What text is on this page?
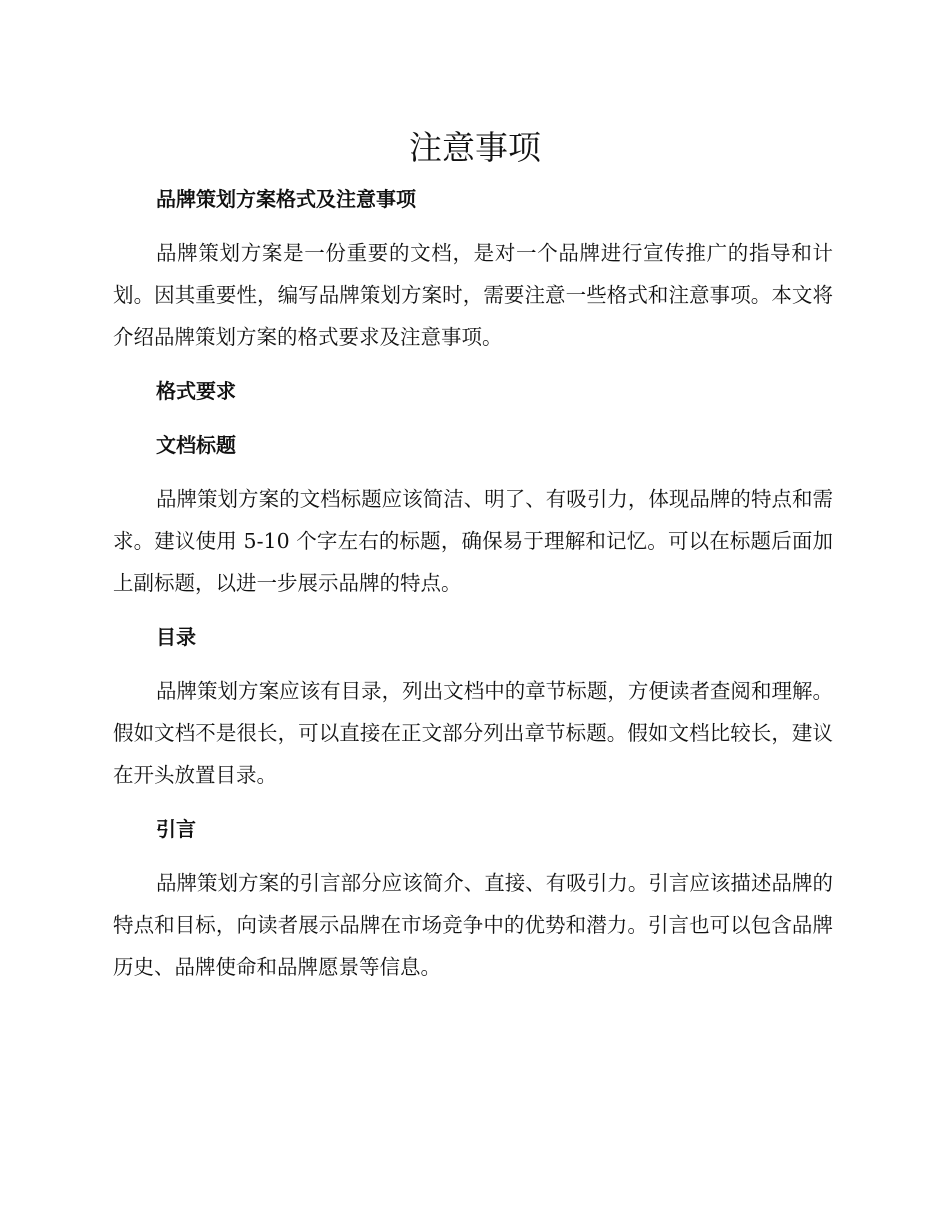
注意事项
品牌策划方案格式及注意事项

品牌策划方案是一份重要的文档，是对一个品牌进行宣传推广的指导和计划。因其重要性，编写品牌策划方案时，需要注意一些格式和注意事项。本文将介绍品牌策划方案的格式要求及注意事项。

格式要求
文档标题

品牌策划方案的文档标题应该简洁、明了、有吸引力，体现品牌的特点和需求。建议使用 5-10 个字左右的标题，确保易于理解和记忆。可以在标题后面加上副标题，以进一步展示品牌的特点。

目录

品牌策划方案应该有目录，列出文档中的章节标题，方便读者查阅和理解。假如文档不是很长，可以直接在正文部分列出章节标题。假如文档比较长，建议在开头放置目录。

引言

品牌策划方案的引言部分应该简介、直接、有吸引力。引言应该描述品牌的特点和目标，向读者展示品牌在市场竞争中的优势和潜力。引言也可以包含品牌历史、品牌使命和品牌愿景等信息。
